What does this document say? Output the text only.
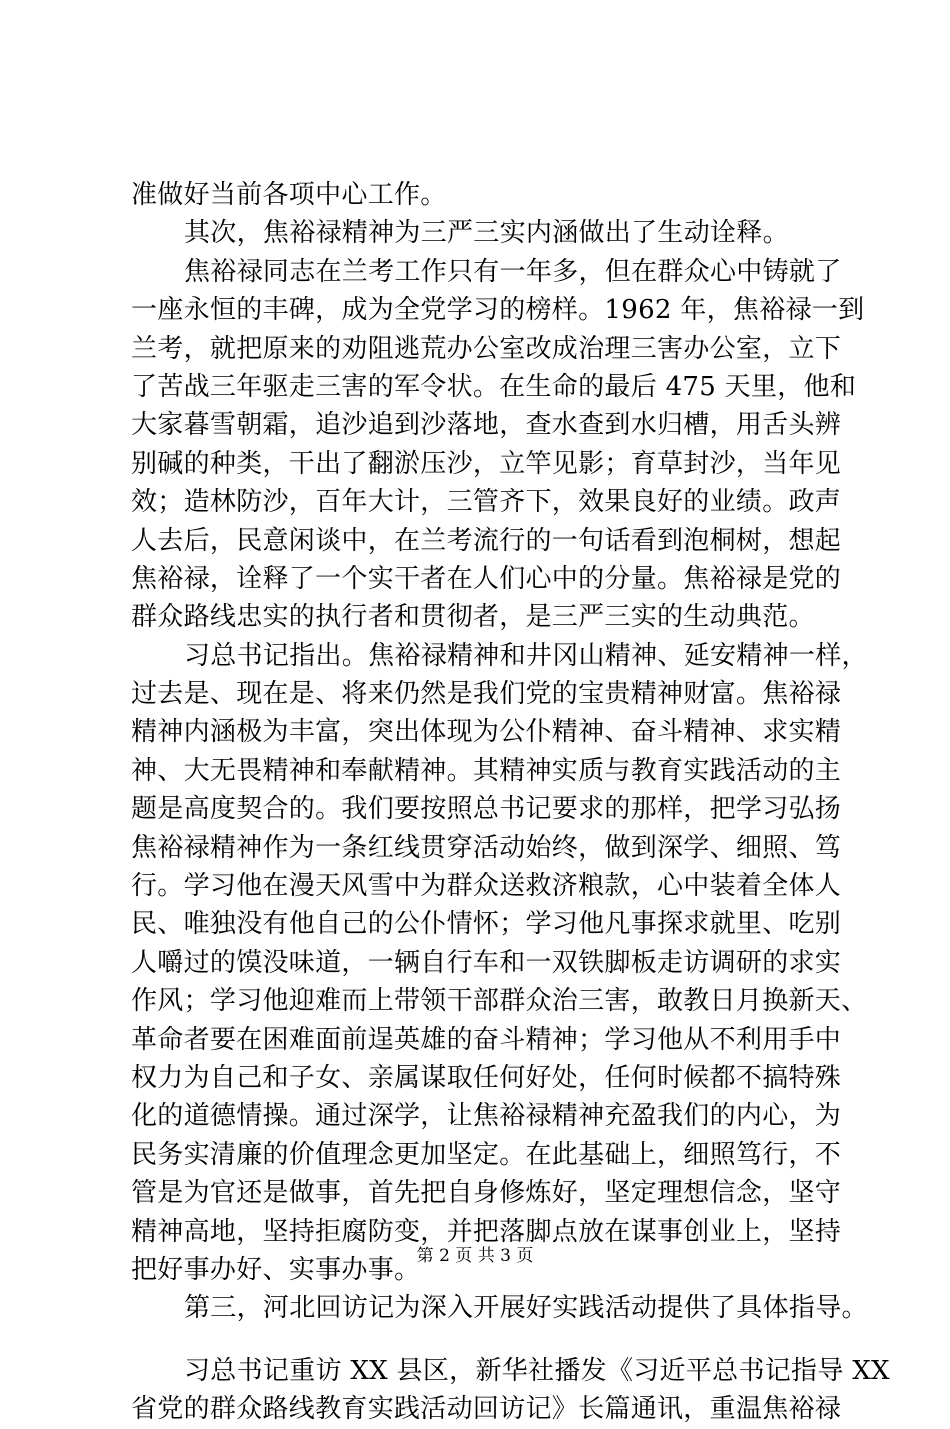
准做好当前各项中心工作。
其次，焦裕禄精神为三严三实内涵做出了生动诠释。
焦裕禄同志在兰考工作只有一年多，但在群众心中铸就了
一座永恒的丰碑，成为全党学习的榜样。1962 年，焦裕禄一到
兰考，就把原来的劝阻逃荒办公室改成治理三害办公室，立下
了苦战三年驱走三害的军令状。在生命的最后 475 天里，他和
大家暮雪朝霜，追沙追到沙落地，查水查到水归槽，用舌头辨
别碱的种类，干出了翻淤压沙，立竿见影；育草封沙，当年见
效；造林防沙，百年大计，三管齐下，效果良好的业绩。政声
人去后，民意闲谈中，在兰考流行的一句话看到泡桐树，想起
焦裕禄，诠释了一个实干者在人们心中的分量。焦裕禄是党的
群众路线忠实的执行者和贯彻者，是三严三实的生动典范。
习总书记指出。焦裕禄精神和井冈山精神、延安精神一样，
过去是、现在是、将来仍然是我们党的宝贵精神财富。焦裕禄
精神内涵极为丰富，突出体现为公仆精神、奋斗精神、求实精
神、大无畏精神和奉献精神。其精神实质与教育实践活动的主
题是高度契合的。我们要按照总书记要求的那样，把学习弘扬
焦裕禄精神作为一条红线贯穿活动始终，做到深学、细照、笃
行。学习他在漫天风雪中为群众送救济粮款，心中装着全体人
民、唯独没有他自己的公仆情怀；学习他凡事探求就里、吃别
人嚼过的馍没味道，一辆自行车和一双铁脚板走访调研的求实
作风；学习他迎难而上带领干部群众治三害，敢教日月换新天、
革命者要在困难面前逞英雄的奋斗精神；学习他从不利用手中
权力为自己和子女、亲属谋取任何好处，任何时候都不搞特殊
化的道德情操。通过深学，让焦裕禄精神充盈我们的内心，为
民务实清廉的价值理念更加坚定。在此基础上，细照笃行，不
管是为官还是做事，首先把自身修炼好，坚定理想信念，坚守
精神高地，坚持拒腐防变，并把落脚点放在谋事创业上，坚持
把好事办好、实事办事。
第三，河北回访记为深入开展好实践活动提供了具体指导。
习总书记重访 XX 县区，新华社播发《习近平总书记指导 XX
省党的群众路线教育实践活动回访记》长篇通讯，重温焦裕禄
第 2 页 共 3 页
